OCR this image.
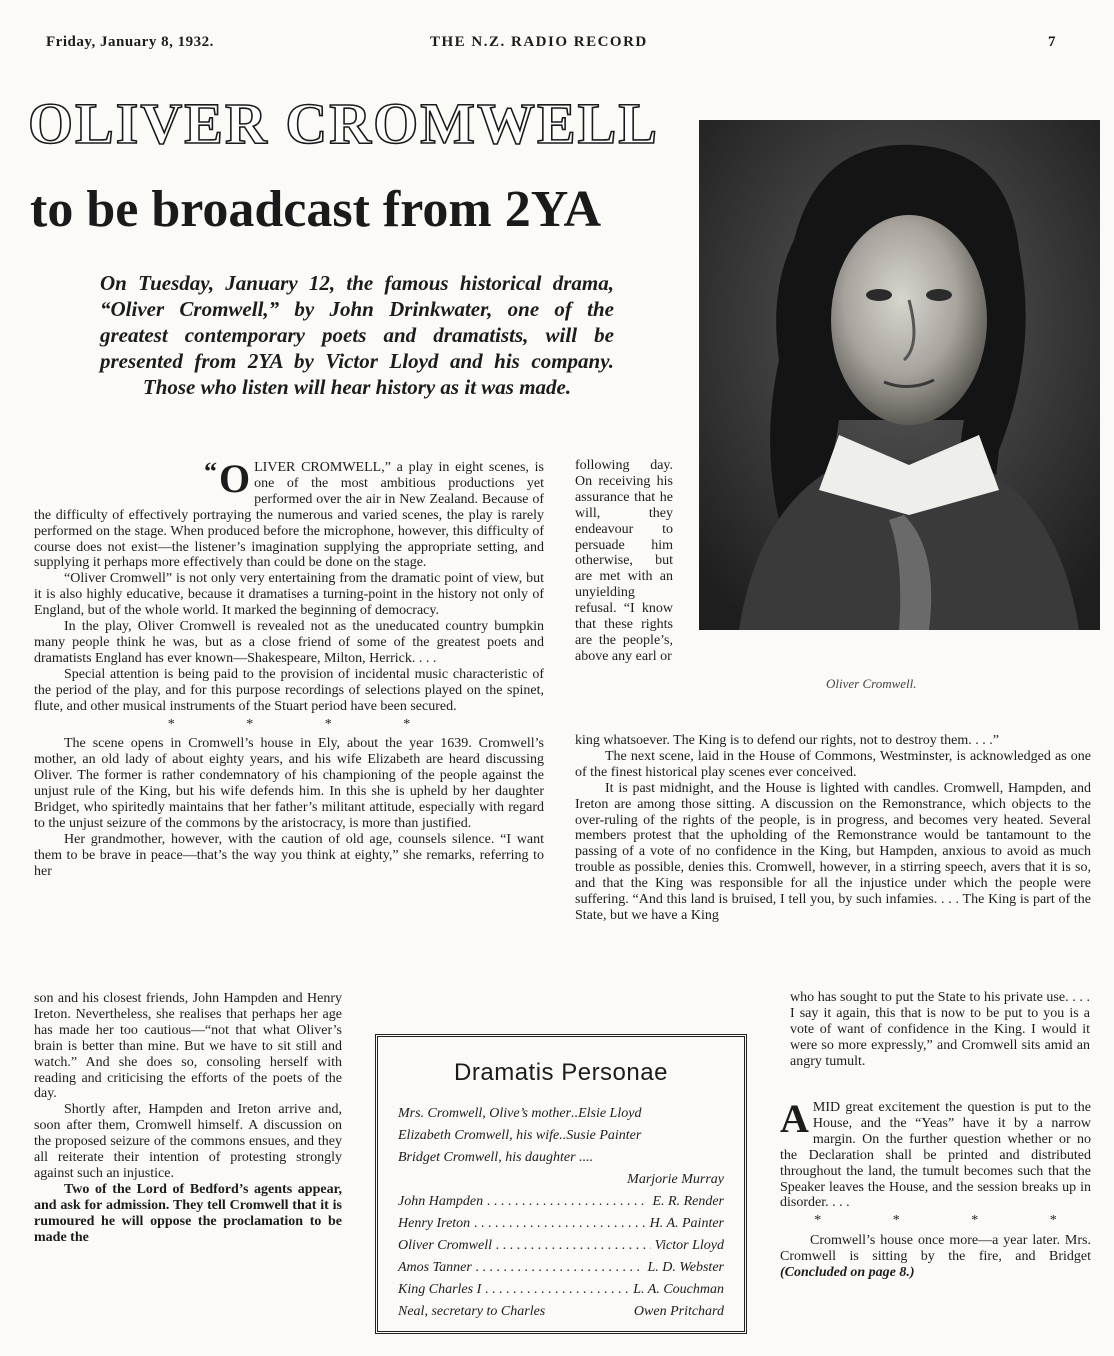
Friday, January 8, 1932.	THE N.Z. RADIO RECORD	7
OLIVER CROMWELL
to be broadcast from 2YA
On Tuesday, January 12, the famous historical drama, “Oliver Cromwell,” by John Drinkwater, one of the greatest contemporary poets and dramatists, will be presented from 2YA by Victor Lloyd and his company. Those who listen will hear history as it was made.
Oliver Cromwell.

“ O LIVER CROMWELL,” a play in eight scenes, is one of the most ambitious productions yet performed over the air in New Zealand. Because of the difficulty of effectively portraying the numerous and varied scenes, the play is rarely performed on the stage. When produced before the microphone, however, this difficulty of course does not exist—the listener’s imagination supplying the appropriate setting, and supplying it perhaps more effectively than could be done on the stage.

“Oliver Cromwell” is not only very entertaining from the dramatic point of view, but it is also highly educative, because it dramatises a turning-point in the history not only of England, but of the whole world. It marked the beginning of democracy.

In the play, Oliver Cromwell is revealed not as the uneducated country bumpkin many people think he was, but as a close friend of some of the greatest poets and dramatists England has ever known—Shakespeare, Milton, Herrick. . . .

Special attention is being paid to the provision of incidental music characteristic of the period of the play, and for this purpose recordings of selections played on the spinet, flute, and other musical instruments of the Stuart period have been secured.

* * * *

The scene opens in Cromwell’s house in Ely, about the year 1639. Cromwell’s mother, an old lady of about eighty years, and his wife Elizabeth are heard discussing Oliver. The former is rather condemnatory of his championing of the people against the unjust rule of the King, but his wife defends him. In this she is upheld by her daughter Bridget, who spiritedly maintains that her father’s militant attitude, especially with regard to the unjust seizure of the commons by the aristocracy, is more than justified.

Her grandmother, however, with the caution of old age, counsels silence. “I want them to be brave in peace—that’s the way you think at eighty,” she remarks, referring to her

son and his closest friends, John Hampden and Henry Ireton. Nevertheless, she realises that perhaps her age has made her too cautious—“not that what Oliver’s brain is better than mine. But we have to sit still and watch.” And she does so, consoling herself with reading and criticising the efforts of the poets of the day.

Shortly after, Hampden and Ireton arrive and, soon after them, Cromwell himself. A discussion on the proposed seizure of the commons ensues, and they all reiterate their intention of protesting strongly against such an injustice.

Two of the Lord of Bedford’s agents appear, and ask for admission. They tell Cromwell that it is rumoured he will oppose the proclamation to be made the

following day. On receiving his assurance that he will, they endeavour to persuade him otherwise, but are met with an unyielding refusal. “I know that these rights are the people’s, above any earl or

king whatsoever. The King is to defend our rights, not to destroy them. . . .”

The next scene, laid in the House of Commons, Westminster, is acknowledged as one of the finest historical play scenes ever conceived.

It is past midnight, and the House is lighted with candles. Cromwell, Hampden, and Ireton are among those sitting. A discussion on the Remonstrance, which objects to the over-ruling of the rights of the people, is in progress, and becomes very heated. Several members protest that the upholding of the Remonstrance would be tantamount to the passing of a vote of no confidence in the King, but Hampden, anxious to avoid as much trouble as possible, denies this. Cromwell, however, in a stirring speech, avers that it is so, and that the King was responsible for all the injustice under which the people were suffering. “And this land is bruised, I tell you, by such infamies. . . . The King is part of the State, but we have a King

who has sought to put the State to his private use. . . . I say it again, this that is now to be put to you is a vote of want of confidence in the King. I would it were so more expressly,” and Cromwell sits amid an angry tumult.

AMID great excitement the question is put to the House, and the “Yeas” have it by a narrow margin. On the further question whether or no the Declaration shall be printed and distributed throughout the land, the tumult becomes such that the Speaker leaves the House, and the session breaks up in disorder. . . .

* * * *

Cromwell’s house once more—a year later. Mrs. Cromwell is sitting by the fire, and Bridget (Concluded on page 8.)

Dramatis Personae
Mrs. Cromwell, Olive’s mother .. Elsie Lloyd
Elizabeth Cromwell, his wife .. Susie Painter
Bridget Cromwell, his daughter ....
Marjorie Murray
John Hampden . . .	E. R. Render
Henry Ireton . . .	H. A. Painter
Oliver Cromwell . . .	Victor Lloyd
Amos Tanner . . .	L. D. Webster
King Charles I . . .	L. A. Couchman
Neal, secretary to Charles	Owen Pritchard
